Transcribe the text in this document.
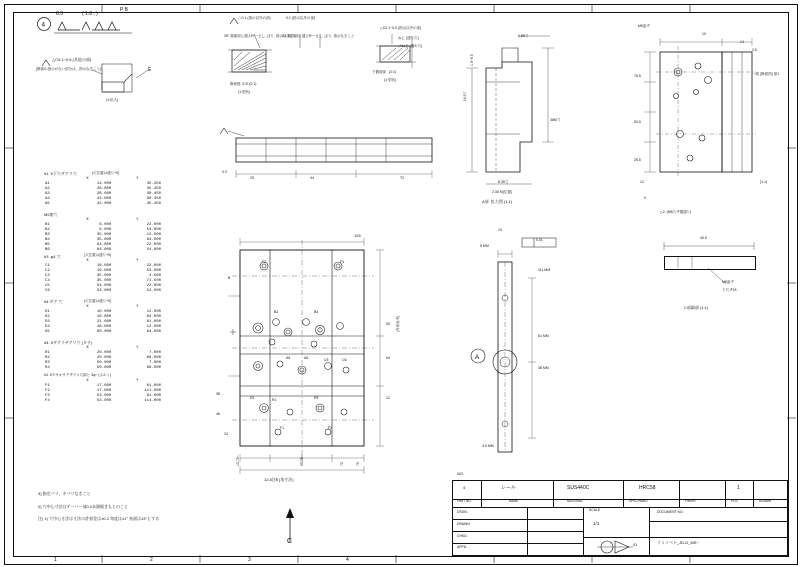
1	2	3	4
4
6.3	( 1.6 , )
P B
△C0.1~0.5 (其他の部)
(断面の指示がない部分は、指示なきこと)	E
(1:拡大)
△0.1 (指示以外の部)
35° 端面部に通るR~~さし, ばり, 指示なきこと
0.1 (指示以外の部)
0.1 端面部に通るR~~さし, ばり, 指示なきこと
断面図  E-E (2:1)
(1:型状)
△C0.1~0.5 (指示以外の部)
下側面部   (2:1)
(1:型状)
ねじ (通り穴)
メねじ (通り穴)
1.85寸
16.5寸
1.5~6.5
8.35寸
2.35 M(位置)
38M寸
A部  拡大図 (1:1)
76.5
50.5
25.5
12
0
10
14
2.5
M5皿ザ
一面 (断面図) 厚1
△2: (M5穴ザ置通り)
(1:1)
40.5
M5皿ザ
下穴ザ15
C部細部 (1:1)
#1. 5下穴ザグリ穴	(穴位置は通り+0)
	X	Y
A1	14.000	45.450
A2	28.000	45.450
A3	28.000	30.450
A4	42.000	30.450
A5	42.000	45.450
M5皿穴
	X	Y
B1	6.000	22.000
B2	6.000	54.000
B3	35.000	12.000
B4	35.000	64.000
B5	64.000	22.000
B6	64.000	54.000
#3  φ4 穴	(穴位置は通り+0)
	X	Y
C1	16.000	22.000
C2	16.000	54.000
C3	35.000	4.500
C4	35.000	71.500
C5	54.000	22.000
C6	54.000	54.000
#4 ザグ 穴	(穴位置は通り+0)
	X	Y
D1	10.000	12.000
D2	10.000	64.000
D3	21.000	61.000
D4	48.000	12.000
D5	60.000	64.000
#4. 5ザグリザグリ穴 (タテ)
	X	Y
R1	20.000	7.000
R2	20.000	68.000
R3	50.000	7.000
R4	50.000	68.000
#4. 5ダキオサデザグリ穴源と 3φ~ (ボルト)
	X	Y
F1	17.000	61.000
F2	17.000	111.000
F3	53.000	61.000
F4	53.000	111.000
0.3
25	44	T2
126
F2	F4
B2	B4
A5	A6	C5	C6
D1	R1	R3
F1	F3
B
30
54
12
(外形参考)
13.75~	55.75~	72	75
12.8注Ⅱ (角寸法)
C
38
46
24
A
0.01
8 MM
111 MM
61 MM
38 MM
4.5 MM
10
3) 指定バリ、キバリなきこと
2) 穴中心寸法はテーパー部0.2未満据きもとのこと
注) 1) 穴中心寸法は寸法の許容差は±0.2 角度は±1° 糸面は±3°とする
4	レール	SUS440C	HRC58	1
PART NO.	NAME	MATERIAL	SPEC/HARD	FINISH	PCS	DRAWN
DSGN.
DRAWN
CHKD.
APPD.
NO.
SCALE
1/1
DOCUMENT NO.
ソミイベト_JD-D_MS~
01
